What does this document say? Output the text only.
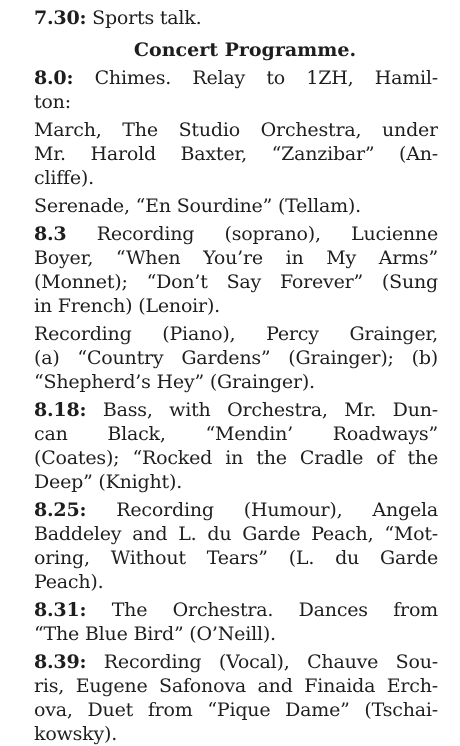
7.30: Sports talk.
Concert Programme.
8.0: Chimes. Relay to 1ZH, Hamil-
ton:
March, The Studio Orchestra, under
Mr. Harold Baxter, “Zanzibar” (An-
cliffe).
Serenade, “En Sourdine” (Tellam).
8.3 Recording (soprano), Lucienne
Boyer, “When You’re in My Arms”
(Monnet); “Don’t Say Forever” (Sung
in French) (Lenoir).
Recording (Piano), Percy Grainger,
(a) “Country Gardens” (Grainger); (b)
“Shepherd’s Hey” (Grainger).
8.18: Bass, with Orchestra, Mr. Dun-
can Black, “Mendin’ Roadways”
(Coates); “Rocked in the Cradle of the
Deep” (Knight).
8.25: Recording (Humour), Angela
Baddeley and L. du Garde Peach, “Mot-
oring, Without Tears” (L. du Garde
Peach).
8.31: The Orchestra. Dances from
“The Blue Bird” (O’Neill).
8.39: Recording (Vocal), Chauve Sou-
ris, Eugene Safonova and Finaida Erch-
ova, Duet from “Pique Dame” (Tschai-
kowsky).
